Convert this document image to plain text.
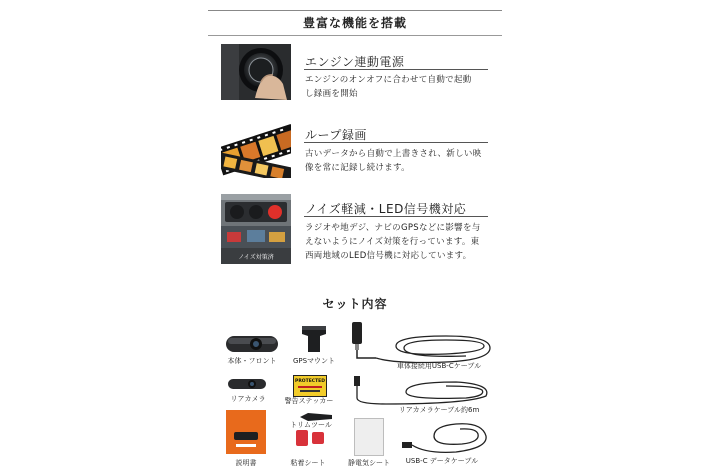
豊富な機能を搭載
エンジン連動電源
エンジンのオンオフに合わせて自動で起動
し録画を開始
ループ録画
古いデータから自動で上書きされ、新しい映
像を常に記録し続けます。
ノイズ対策済
ノイズ軽減・LED信号機対応
ラジオや地デジ、ナビのGPSなどに影響を与
えないようにノイズ対策を行っています。東
西両地域のLED信号機に対応しています。
セット内容
本体・フロント	GPSマウント
車体接続用USB-Cケーブル
リアカメラ
PROTECTED
警告ステッカー
リアカメラケーブル約6m
トリムツール
説明書	粘着シート	静電気シート	USB-C データケーブル
